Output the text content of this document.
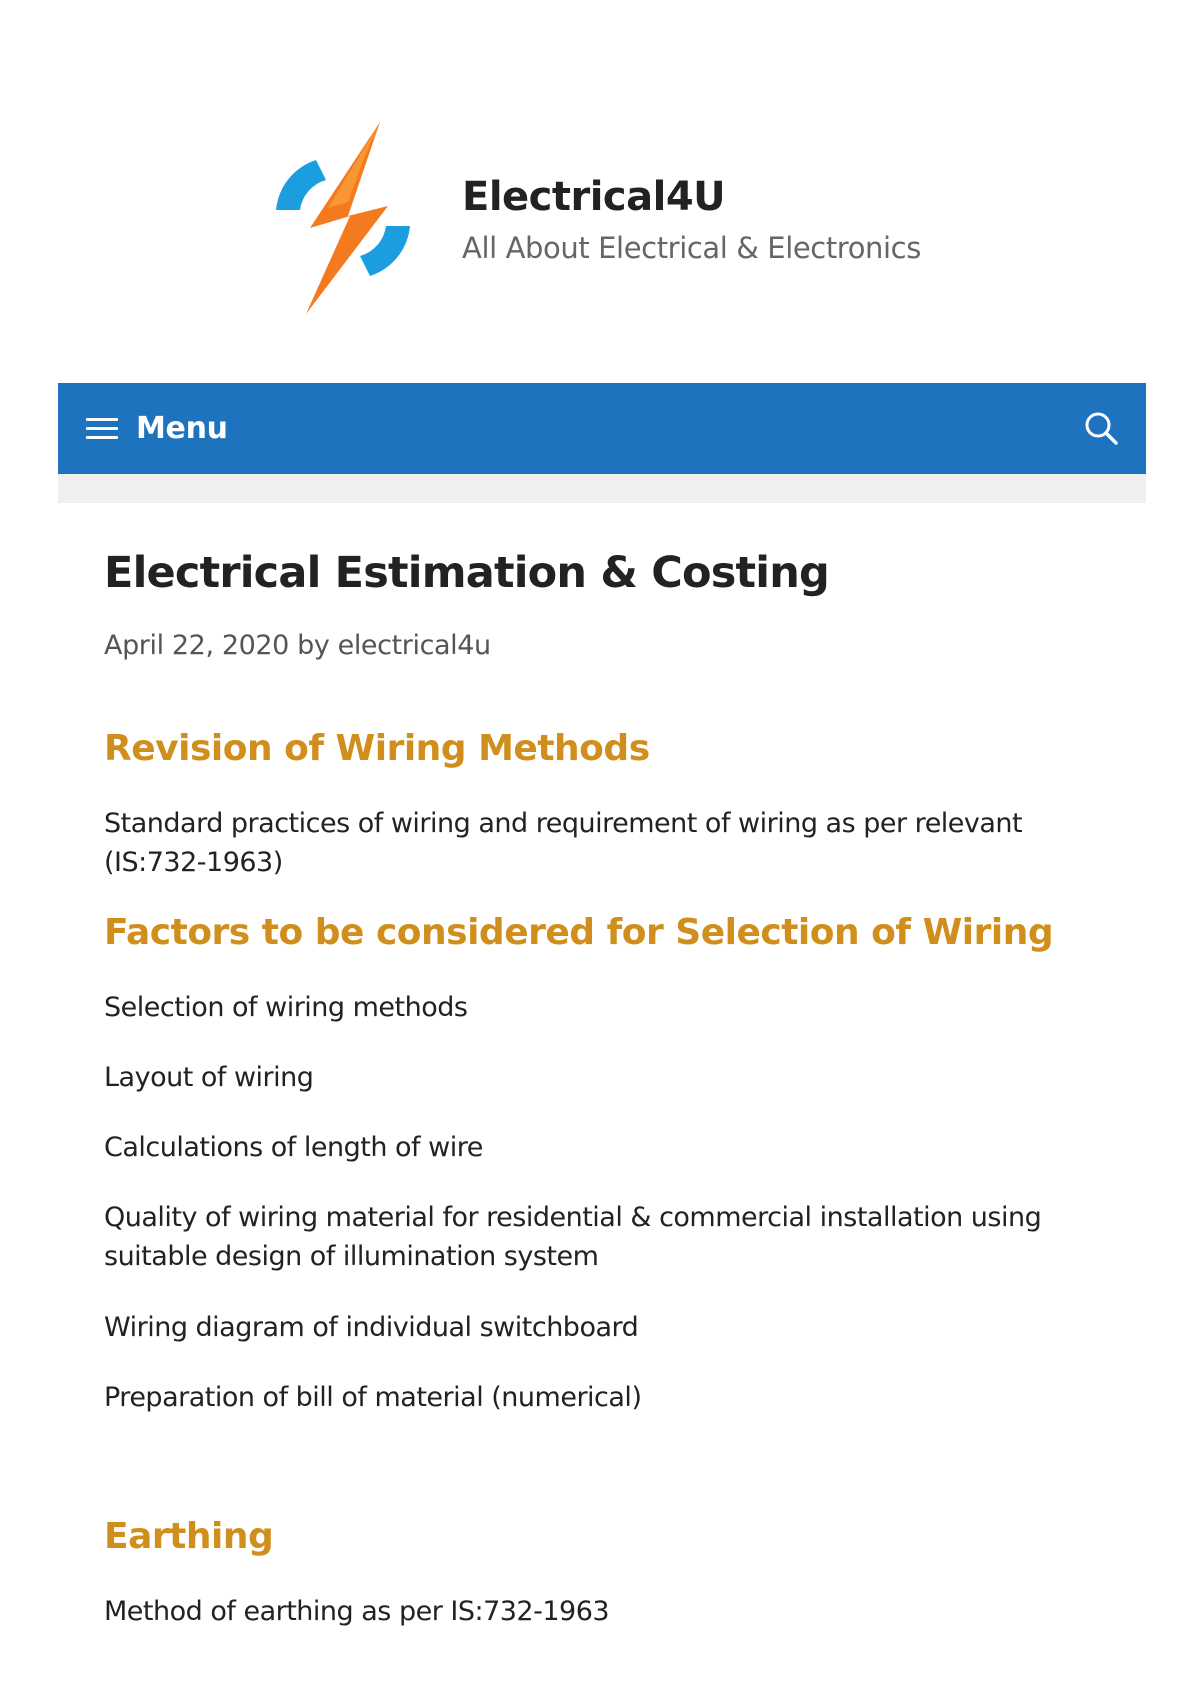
Electrical4U
All About Electrical & Electronics
Menu
Electrical Estimation & Costing
April 22, 2020 by electrical4u
Revision of Wiring Methods

Standard practices of wiring and requirement of wiring as per relevant (IS:732-1963)

Factors to be considered for Selection of Wiring

Selection of wiring methods

Layout of wiring

Calculations of length of wire

Quality of wiring material for residential & commercial installation using suitable design of illumination system

Wiring diagram of individual switchboard

Preparation of bill of material (numerical)

Earthing

Method of earthing as per IS:732-1963
